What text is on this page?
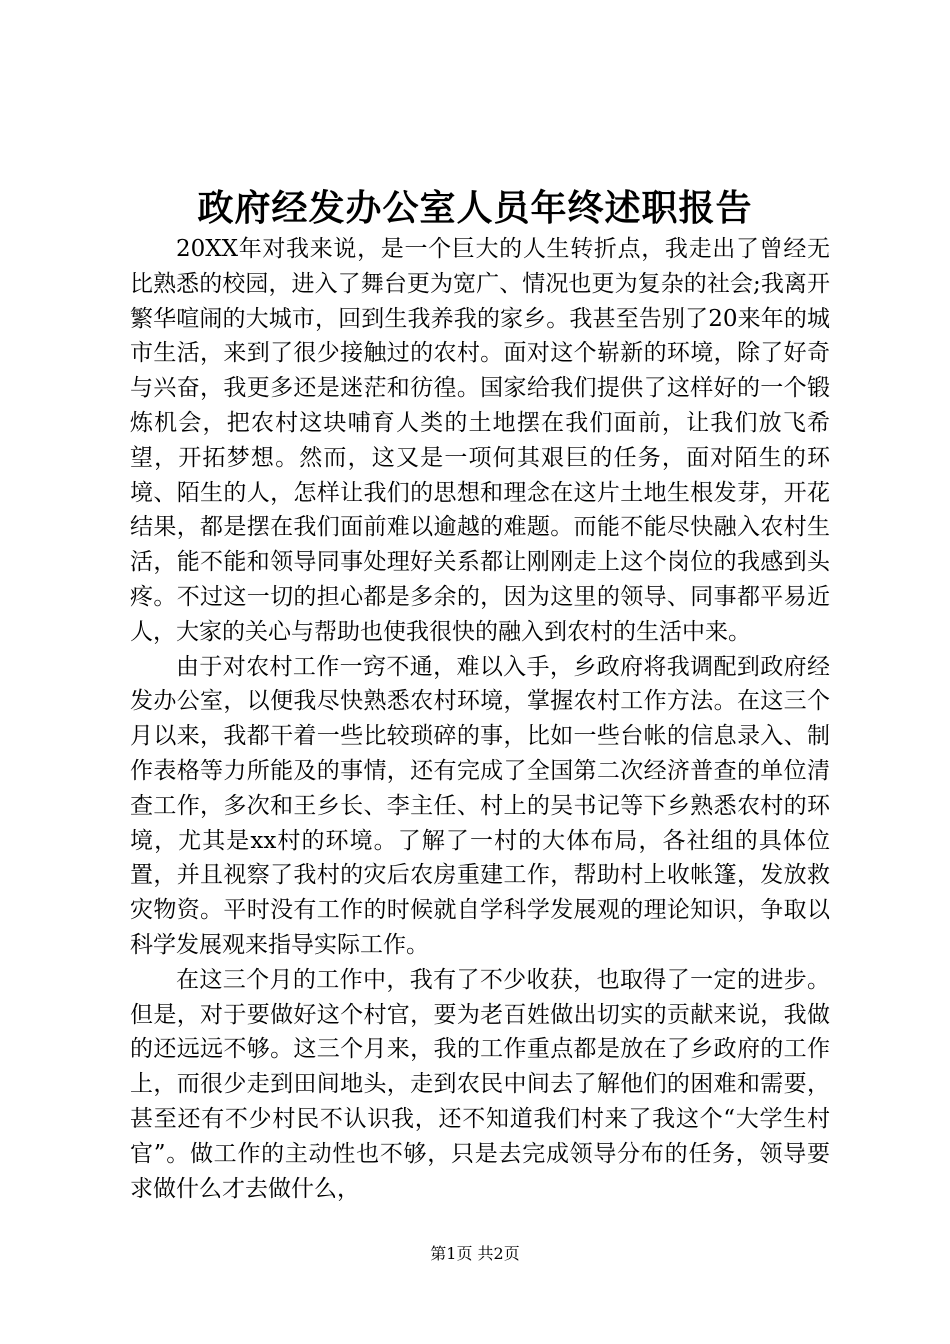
政府经发办公室人员年终述职报告

20XX年对我来说，是一个巨大的人生转折点，我走出了曾经无比熟悉的校园，进入了舞台更为宽广、情况也更为复杂的社会;我离开繁华喧闹的大城市，回到生我养我的家乡。我甚至告别了20来年的城市生活，来到了很少接触过的农村。面对这个崭新的环境，除了好奇与兴奋，我更多还是迷茫和彷徨。国家给我们提供了这样好的一个锻炼机会，把农村这块哺育人类的土地摆在我们面前，让我们放飞希望，开拓梦想。然而，这又是一项何其艰巨的任务，面对陌生的环境、陌生的人，怎样让我们的思想和理念在这片土地生根发芽，开花结果，都是摆在我们面前难以逾越的难题。而能不能尽快融入农村生活，能不能和领导同事处理好关系都让刚刚走上这个岗位的我感到头疼。不过这一切的担心都是多余的，因为这里的领导、同事都平易近人，大家的关心与帮助也使我很快的融入到农村的生活中来。

由于对农村工作一窍不通，难以入手，乡政府将我调配到政府经发办公室，以便我尽快熟悉农村环境，掌握农村工作方法。在这三个月以来，我都干着一些比较琐碎的事，比如一些台帐的信息录入、制作表格等力所能及的事情，还有完成了全国第二次经济普查的单位清查工作，多次和王乡长、李主任、村上的吴书记等下乡熟悉农村的环境，尤其是xx村的环境。了解了一村的大体布局，各社组的具体位置，并且视察了我村的灾后农房重建工作，帮助村上收帐篷，发放救灾物资。平时没有工作的时候就自学科学发展观的理论知识，争取以科学发展观来指导实际工作。

在这三个月的工作中，我有了不少收获，也取得了一定的进步。但是，对于要做好这个村官，要为老百姓做出切实的贡献来说，我做的还远远不够。这三个月来，我的工作重点都是放在了乡政府的工作上，而很少走到田间地头，走到农民中间去了解他们的困难和需要，甚至还有不少村民不认识我，还不知道我们村来了我这个“大学生村官”。做工作的主动性也不够，只是去完成领导分布的任务，领导要求做什么才去做什么，

第1页 共2页
